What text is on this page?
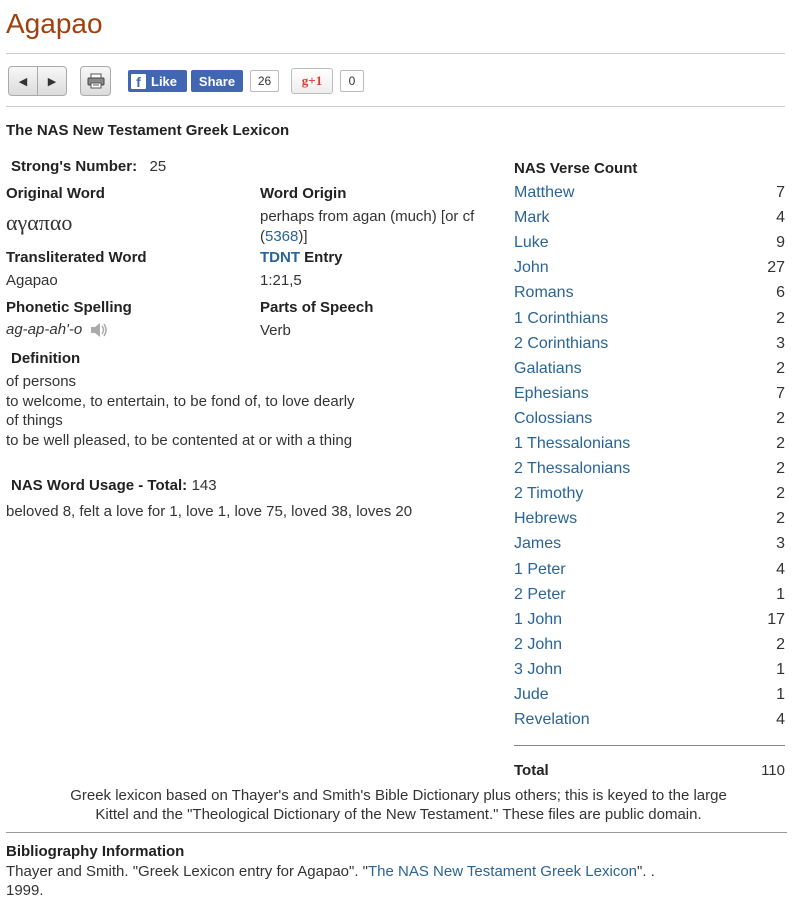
Agapao
◀ ▶	f Like Share	26	g+1	0
The NAS New Testament Greek Lexicon
Strong's Number: 25
Original Word
αγαπαο
Word Origin
perhaps from agan (much) [or cf
(5368)]
Transliterated Word
Agapao
TDNT Entry
1:21,5
Phonetic Spelling
ag-ap-ah'-o
Parts of Speech
Verb
Definition
of persons
to welcome, to entertain, to be fond of, to love dearly
of things
to be well pleased, to be contented at or with a thing
NAS Word Usage - Total: 143
beloved 8, felt a love for 1, love 1, love 75, loved 38, loves 20
NAS Verse Count
Matthew	7
Mark	4
Luke	9
John	27
Romans	6
1 Corinthians	2
2 Corinthians	3
Galatians	2
Ephesians	7
Colossians	2
1 Thessalonians	2
2 Thessalonians	2
2 Timothy	2
Hebrews	2
James	3
1 Peter	4
2 Peter	1
1 John	17
2 John	2
3 John	1
Jude	1
Revelation	4
Total	110
Greek lexicon based on Thayer's and Smith's Bible Dictionary plus others; this is keyed to the large
Kittel and the "Theological Dictionary of the New Testament." These files are public domain.
Bibliography Information
Thayer and Smith. "Greek Lexicon entry for Agapao". "The NAS New Testament Greek Lexicon". .
1999.
